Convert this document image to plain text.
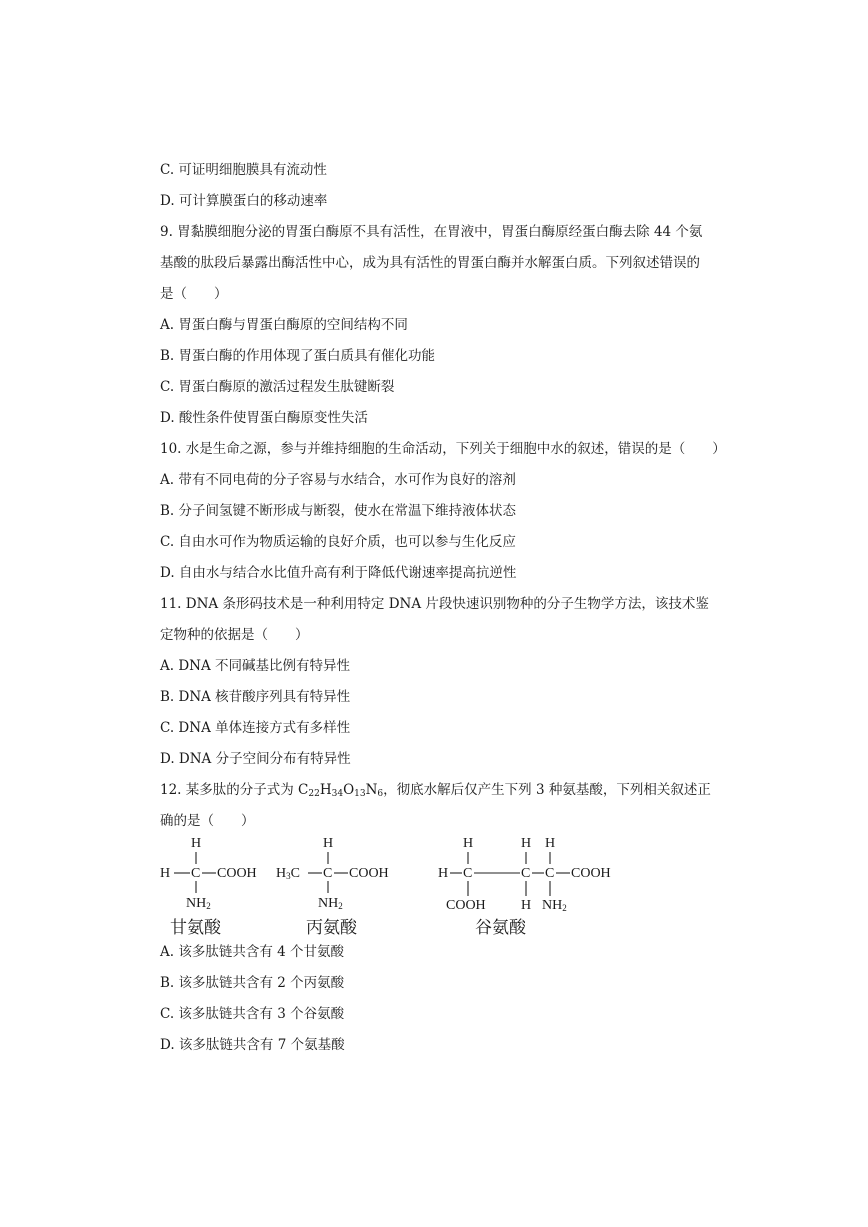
C. 可证明细胞膜具有流动性
D. 可计算膜蛋白的移动速率
9. 胃黏膜细胞分泌的胃蛋白酶原不具有活性，在胃液中，胃蛋白酶原经蛋白酶去除 44 个氨
基酸的肽段后暴露出酶活性中心，成为具有活性的胃蛋白酶并水解蛋白质。下列叙述错误的
是（　　）
A. 胃蛋白酶与胃蛋白酶原的空间结构不同
B. 胃蛋白酶的作用体现了蛋白质具有催化功能
C. 胃蛋白酶原的激活过程发生肽键断裂
D. 酸性条件使胃蛋白酶原变性失活
10. 水是生命之源，参与并维持细胞的生命活动，下列关于细胞中水的叙述，错误的是（　　）
A. 带有不同电荷的分子容易与水结合，水可作为良好的溶剂
B. 分子间氢键不断形成与断裂，使水在常温下维持液体状态
C. 自由水可作为物质运输的良好介质，也可以参与生化反应
D. 自由水与结合水比值升高有利于降低代谢速率提高抗逆性
11. DNA 条形码技术是一种利用特定 DNA 片段快速识别物种的分子生物学方法，该技术鉴
定物种的依据是（　　）
A. DNA 不同碱基比例有特异性
B. DNA 核苷酸序列具有特异性
C. DNA 单体连接方式有多样性
D. DNA 分子空间分布有特异性
12. 某多肽的分子式为 $C_{22}H_{34}O_{13}N_6$，彻底水解后仅产生下列 3 种氨基酸，下列相关叙述正
确的是（　　）
H
H C COOH
$NH_2$
甘氨酸
H
$H_3C$ C COOH
$NH_2$
丙氨酸
H	H H
H C	C C COOH
COOH	H $NH_2$
谷氨酸
A. 该多肽链共含有 4 个甘氨酸
B. 该多肽链共含有 2 个丙氨酸
C. 该多肽链共含有 3 个谷氨酸
D. 该多肽链共含有 7 个氨基酸
